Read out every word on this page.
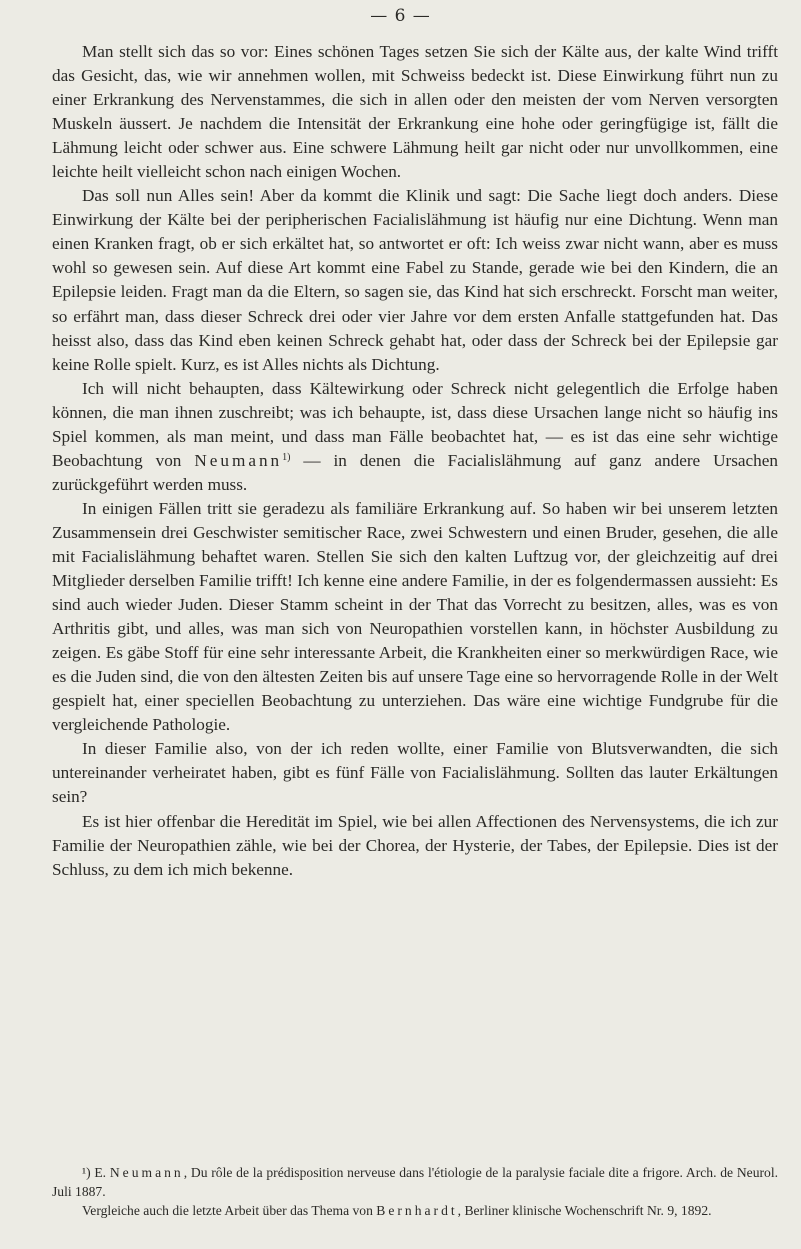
— 6 —

Man stellt sich das so vor: Eines schönen Tages setzen Sie sich der Kälte aus, der kalte Wind trifft das Gesicht, das, wie wir annehmen wollen, mit Schweiss bedeckt ist. Diese Einwirkung führt nun zu einer Erkrankung des Nervenstammes, die sich in allen oder den meisten der vom Nerven versorgten Muskeln äussert. Je nachdem die Intensität der Erkrankung eine hohe oder geringfügige ist, fällt die Lähmung leicht oder schwer aus. Eine schwere Lähmung heilt gar nicht oder nur unvollkommen, eine leichte heilt vielleicht schon nach einigen Wochen.

Das soll nun Alles sein! Aber da kommt die Klinik und sagt: Die Sache liegt doch anders. Diese Einwirkung der Kälte bei der peripherischen Facialislähmung ist häufig nur eine Dichtung. Wenn man einen Kranken fragt, ob er sich erkältet hat, so antwortet er oft: Ich weiss zwar nicht wann, aber es muss wohl so gewesen sein. Auf diese Art kommt eine Fabel zu Stande, gerade wie bei den Kindern, die an Epilepsie leiden. Fragt man da die Eltern, so sagen sie, das Kind hat sich erschreckt. Forscht man weiter, so erfährt man, dass dieser Schreck drei oder vier Jahre vor dem ersten Anfalle stattgefunden hat. Das heisst also, dass das Kind eben keinen Schreck gehabt hat, oder dass der Schreck bei der Epilepsie gar keine Rolle spielt. Kurz, es ist Alles nichts als Dichtung.

Ich will nicht behaupten, dass Kältewirkung oder Schreck nicht gelegentlich die Erfolge haben können, die man ihnen zuschreibt; was ich behaupte, ist, dass diese Ursachen lange nicht so häufig ins Spiel kommen, als man meint, und dass man Fälle beobachtet hat, — es ist das eine sehr wichtige Beobachtung von Neumann$^{1)}$ — in denen die Facialislähmung auf ganz andere Ursachen zurückgeführt werden muss.

In einigen Fällen tritt sie geradezu als familiäre Erkrankung auf. So haben wir bei unserem letzten Zusammensein drei Geschwister semitischer Race, zwei Schwestern und einen Bruder, gesehen, die alle mit Facialislähmung behaftet waren. Stellen Sie sich den kalten Luftzug vor, der gleichzeitig auf drei Mitglieder derselben Familie trifft! Ich kenne eine andere Familie, in der es folgendermassen aussieht: Es sind auch wieder Juden. Dieser Stamm scheint in der That das Vorrecht zu besitzen, alles, was es von Arthritis gibt, und alles, was man sich von Neuropathien vorstellen kann, in höchster Ausbildung zu zeigen. Es gäbe Stoff für eine sehr interessante Arbeit, die Krankheiten einer so merkwürdigen Race, wie es die Juden sind, die von den ältesten Zeiten bis auf unsere Tage eine so hervorragende Rolle in der Welt gespielt hat, einer speciellen Beobachtung zu unterziehen. Das wäre eine wichtige Fundgrube für die vergleichende Pathologie.

In dieser Familie also, von der ich reden wollte, einer Familie von Blutsverwandten, die sich untereinander verheiratet haben, gibt es fünf Fälle von Facialislähmung. Sollten das lauter Erkältungen sein?

Es ist hier offenbar die Heredität im Spiel, wie bei allen Affectionen des Nervensystems, die ich zur Familie der Neuropathien zähle, wie bei der Chorea, der Hysterie, der Tabes, der Epilepsie. Dies ist der Schluss, zu dem ich mich bekenne.

¹) E. Neumann, Du rôle de la prédisposition nerveuse dans l'étiologie de la paralysie faciale dite a frigore. Arch. de Neurol. Juli 1887.

Vergleiche auch die letzte Arbeit über das Thema von Bernhardt, Berliner klinische Wochenschrift Nr. 9, 1892.
